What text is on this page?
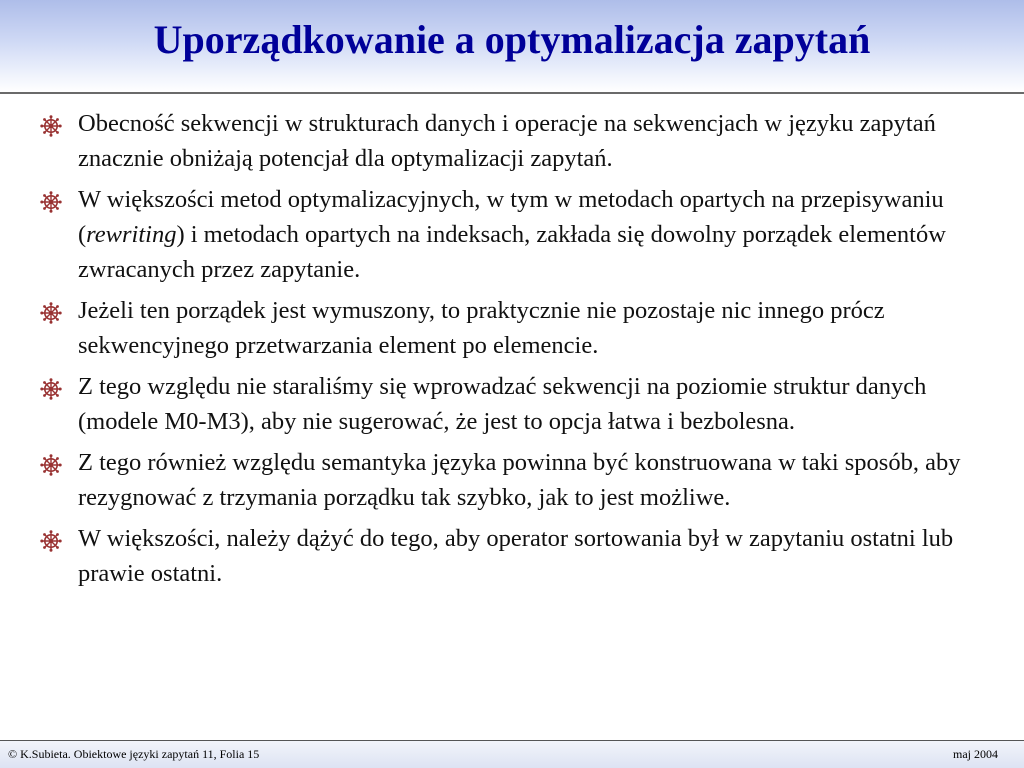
Uporządkowanie a optymalizacja zapytań
Obecność sekwencji w strukturach danych i operacje na sekwencjach w języku zapytań znacznie obniżają potencjał dla optymalizacji zapytań.
W większości metod optymalizacyjnych, w tym w metodach opartych na przepisywaniu (rewriting) i metodach opartych na indeksach, zakłada się dowolny porządek elementów zwracanych przez zapytanie.
Jeżeli ten porządek jest wymuszony, to praktycznie nie pozostaje nic innego prócz sekwencyjnego przetwarzania element po elemencie.
Z tego względu nie staraliśmy się wprowadzać sekwencji na poziomie struktur danych (modele M0-M3), aby nie sugerować, że jest to opcja łatwa i bezbolesna.
Z tego również względu semantyka języka powinna być konstruowana w taki sposób, aby rezygnować z trzymania porządku tak szybko, jak to jest możliwe.
W większości, należy dążyć do tego, aby operator sortowania był w zapytaniu ostatni lub prawie ostatni.
© K.Subieta. Obiektowe języki zapytań 11, Folia 15	maj 2004
